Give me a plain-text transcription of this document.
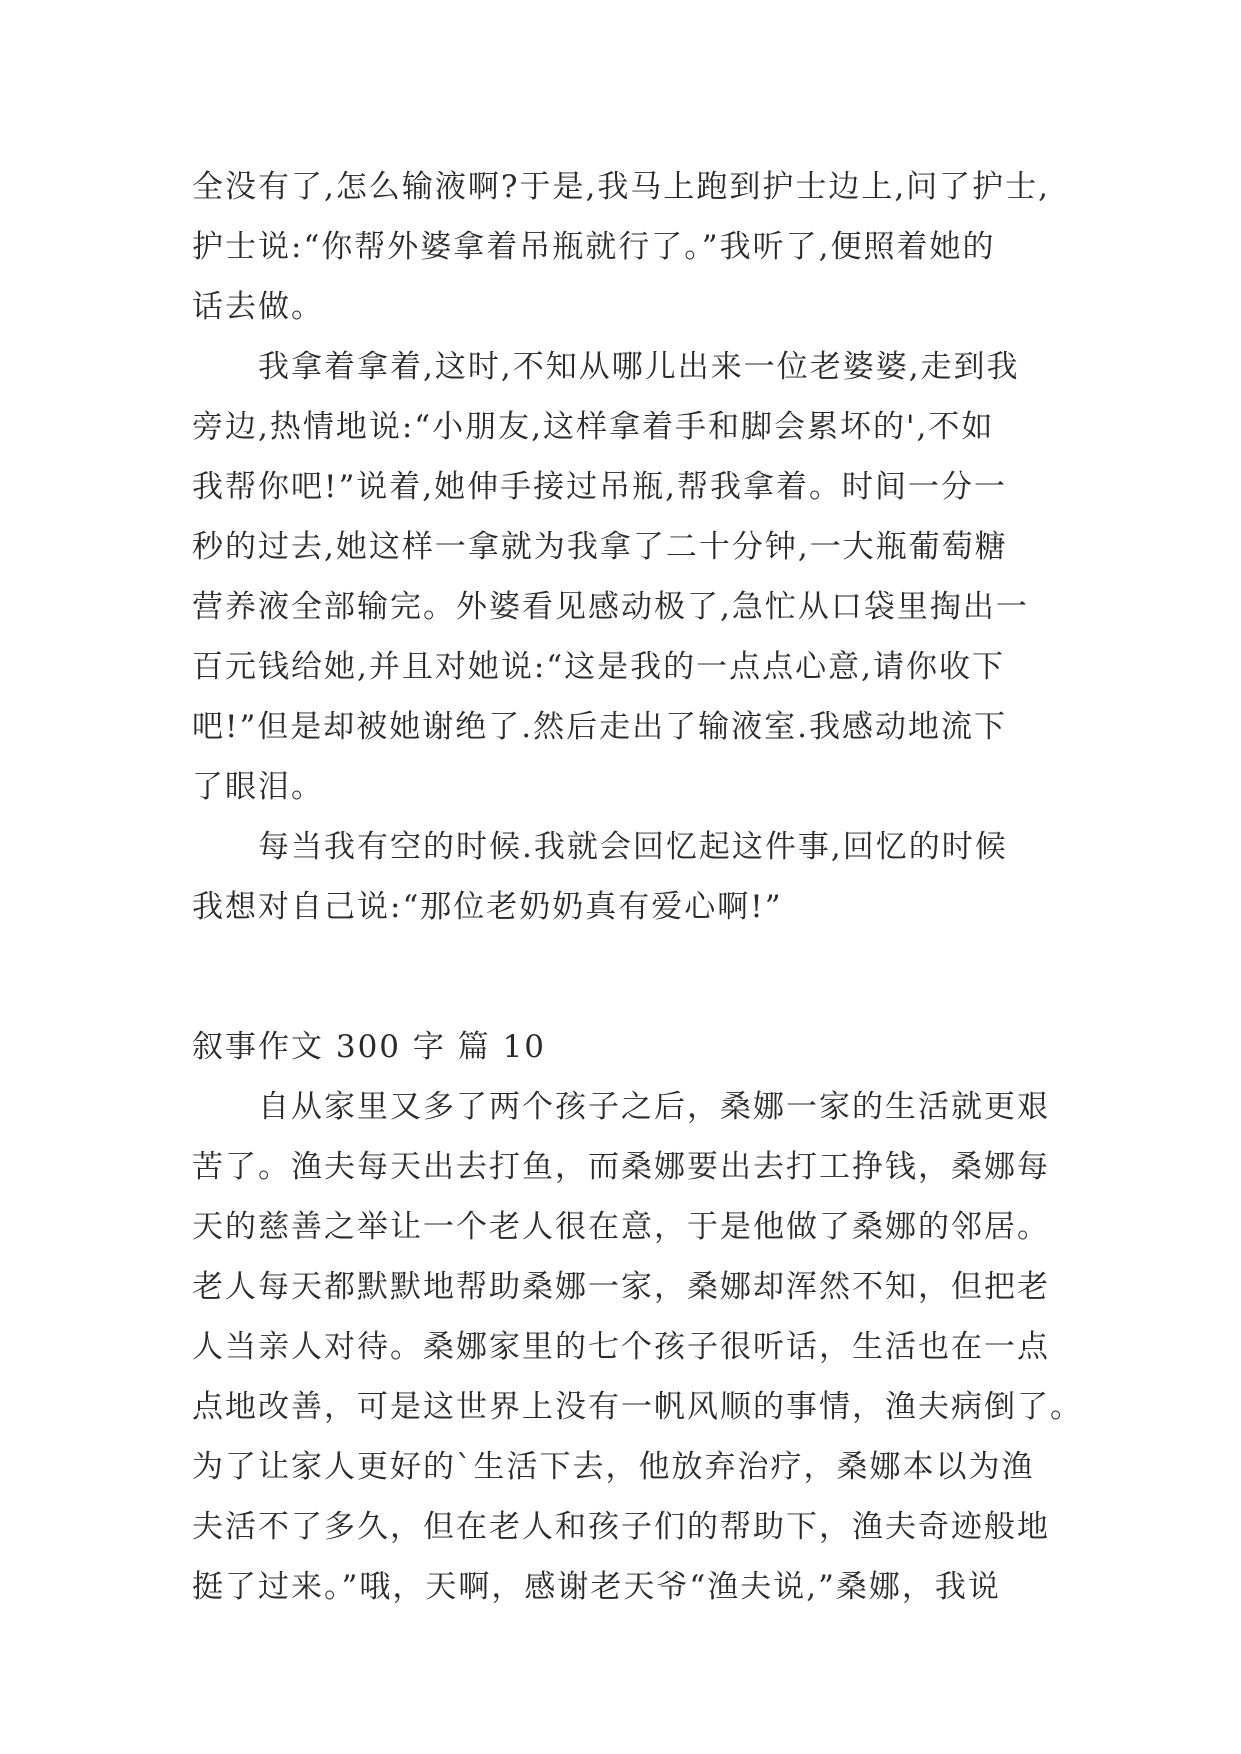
全没有了,怎么输液啊?于是,我马上跑到护士边上,问了护士,
护士说:“你帮外婆拿着吊瓶就行了。”我听了,便照着她的
话去做。
我拿着拿着,这时,不知从哪儿出来一位老婆婆,走到我
旁边,热情地说:“小朋友,这样拿着手和脚会累坏的',不如
我帮你吧!”说着,她伸手接过吊瓶,帮我拿着。时间一分一
秒的过去,她这样一拿就为我拿了二十分钟,一大瓶葡萄糖
营养液全部输完。外婆看见感动极了,急忙从口袋里掏出一
百元钱给她,并且对她说:“这是我的一点点心意,请你收下
吧!”但是却被她谢绝了.然后走出了输液室.我感动地流下
了眼泪。
每当我有空的时候.我就会回忆起这件事,回忆的时候
我想对自己说:“那位老奶奶真有爱心啊!”
叙事作文 300 字 篇 10
自从家里又多了两个孩子之后，桑娜一家的生活就更艰
苦了。渔夫每天出去打鱼，而桑娜要出去打工挣钱，桑娜每
天的慈善之举让一个老人很在意，于是他做了桑娜的邻居。
老人每天都默默地帮助桑娜一家，桑娜却浑然不知，但把老
人当亲人对待。桑娜家里的七个孩子很听话，生活也在一点
点地改善，可是这世界上没有一帆风顺的事情，渔夫病倒了。
为了让家人更好的`生活下去，他放弃治疗，桑娜本以为渔
夫活不了多久，但在老人和孩子们的帮助下，渔夫奇迹般地
挺了过来。”哦，天啊，感谢老天爷“渔夫说,”桑娜，我说
